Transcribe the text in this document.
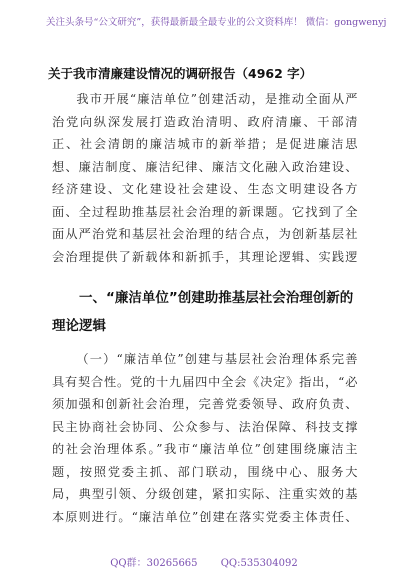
关注头条号“公文研究”，获得最新最全最专业的公文资料库！ 微信：gongwenyj
关于我市清廉建设情况的调研报告（4962 字）
我市开展“廉洁单位”创建活动，是推动全面从严治党向纵深发展打造政治清明、政府清廉、干部清正、社会清朗的廉洁城市的新举措；是促进廉洁思想、廉洁制度、廉洁纪律、廉洁文化融入政治建设、经济建设、文化建设社会建设、生态文明建设各方面、全过程助推基层社会治理的新课题。它找到了全面从严治党和基层社会治理的结合点，为创新基层社会治理提供了新载体和新抓手，其理论逻辑、实践逻
一、“廉洁单位”创建助推基层社会治理创新的理论逻辑
（一）“廉洁单位”创建与基层社会治理体系完善具有契合性。党的十九届四中全会《决定》指出，“必须加强和创新社会治理，完善党委领导、政府负责、民主协商社会协同、公众参与、法治保障、科技支撑的社会治理体系。”我市“廉洁单位”创建围绕廉洁主题，按照党委主抓、部门联动，围绕中心、服务大局，典型引领、分级创建，紧扣实际、注重实效的基本原则进行。“廉洁单位”创建在落实党委主体责任、
QQ群：30265665 QQ:535304092
